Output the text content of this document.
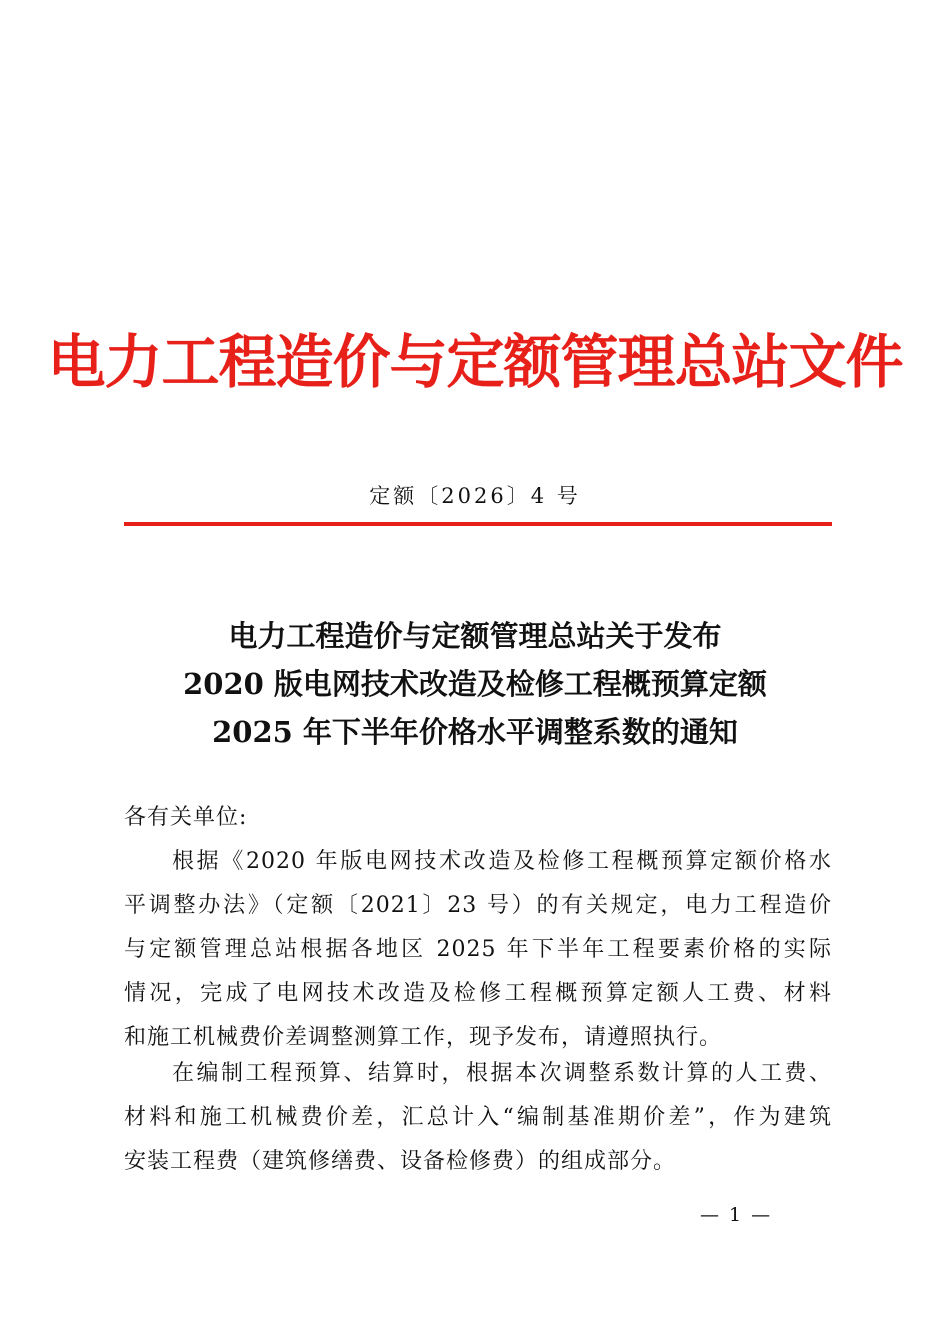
电力工程造价与定额管理总站文件
定额〔2026〕4 号
电力工程造价与定额管理总站关于发布
2020 版电网技术改造及检修工程概预算定额
2025 年下半年价格水平调整系数的通知
各有关单位:
根据《2020 年版电网技术改造及检修工程概预算定额价格水
平调整办法》（定额〔2021〕23 号）的有关规定，电力工程造价
与定额管理总站根据各地区 2025 年下半年工程要素价格的实际
情况，完成了电网技术改造及检修工程概预算定额人工费、材料
和施工机械费价差调整测算工作，现予发布，请遵照执行。
在编制工程预算、结算时，根据本次调整系数计算的人工费、
材料和施工机械费价差，汇总计入“编制基准期价差”，作为建筑
安装工程费（建筑修缮费、设备检修费）的组成部分。
— 1 —
